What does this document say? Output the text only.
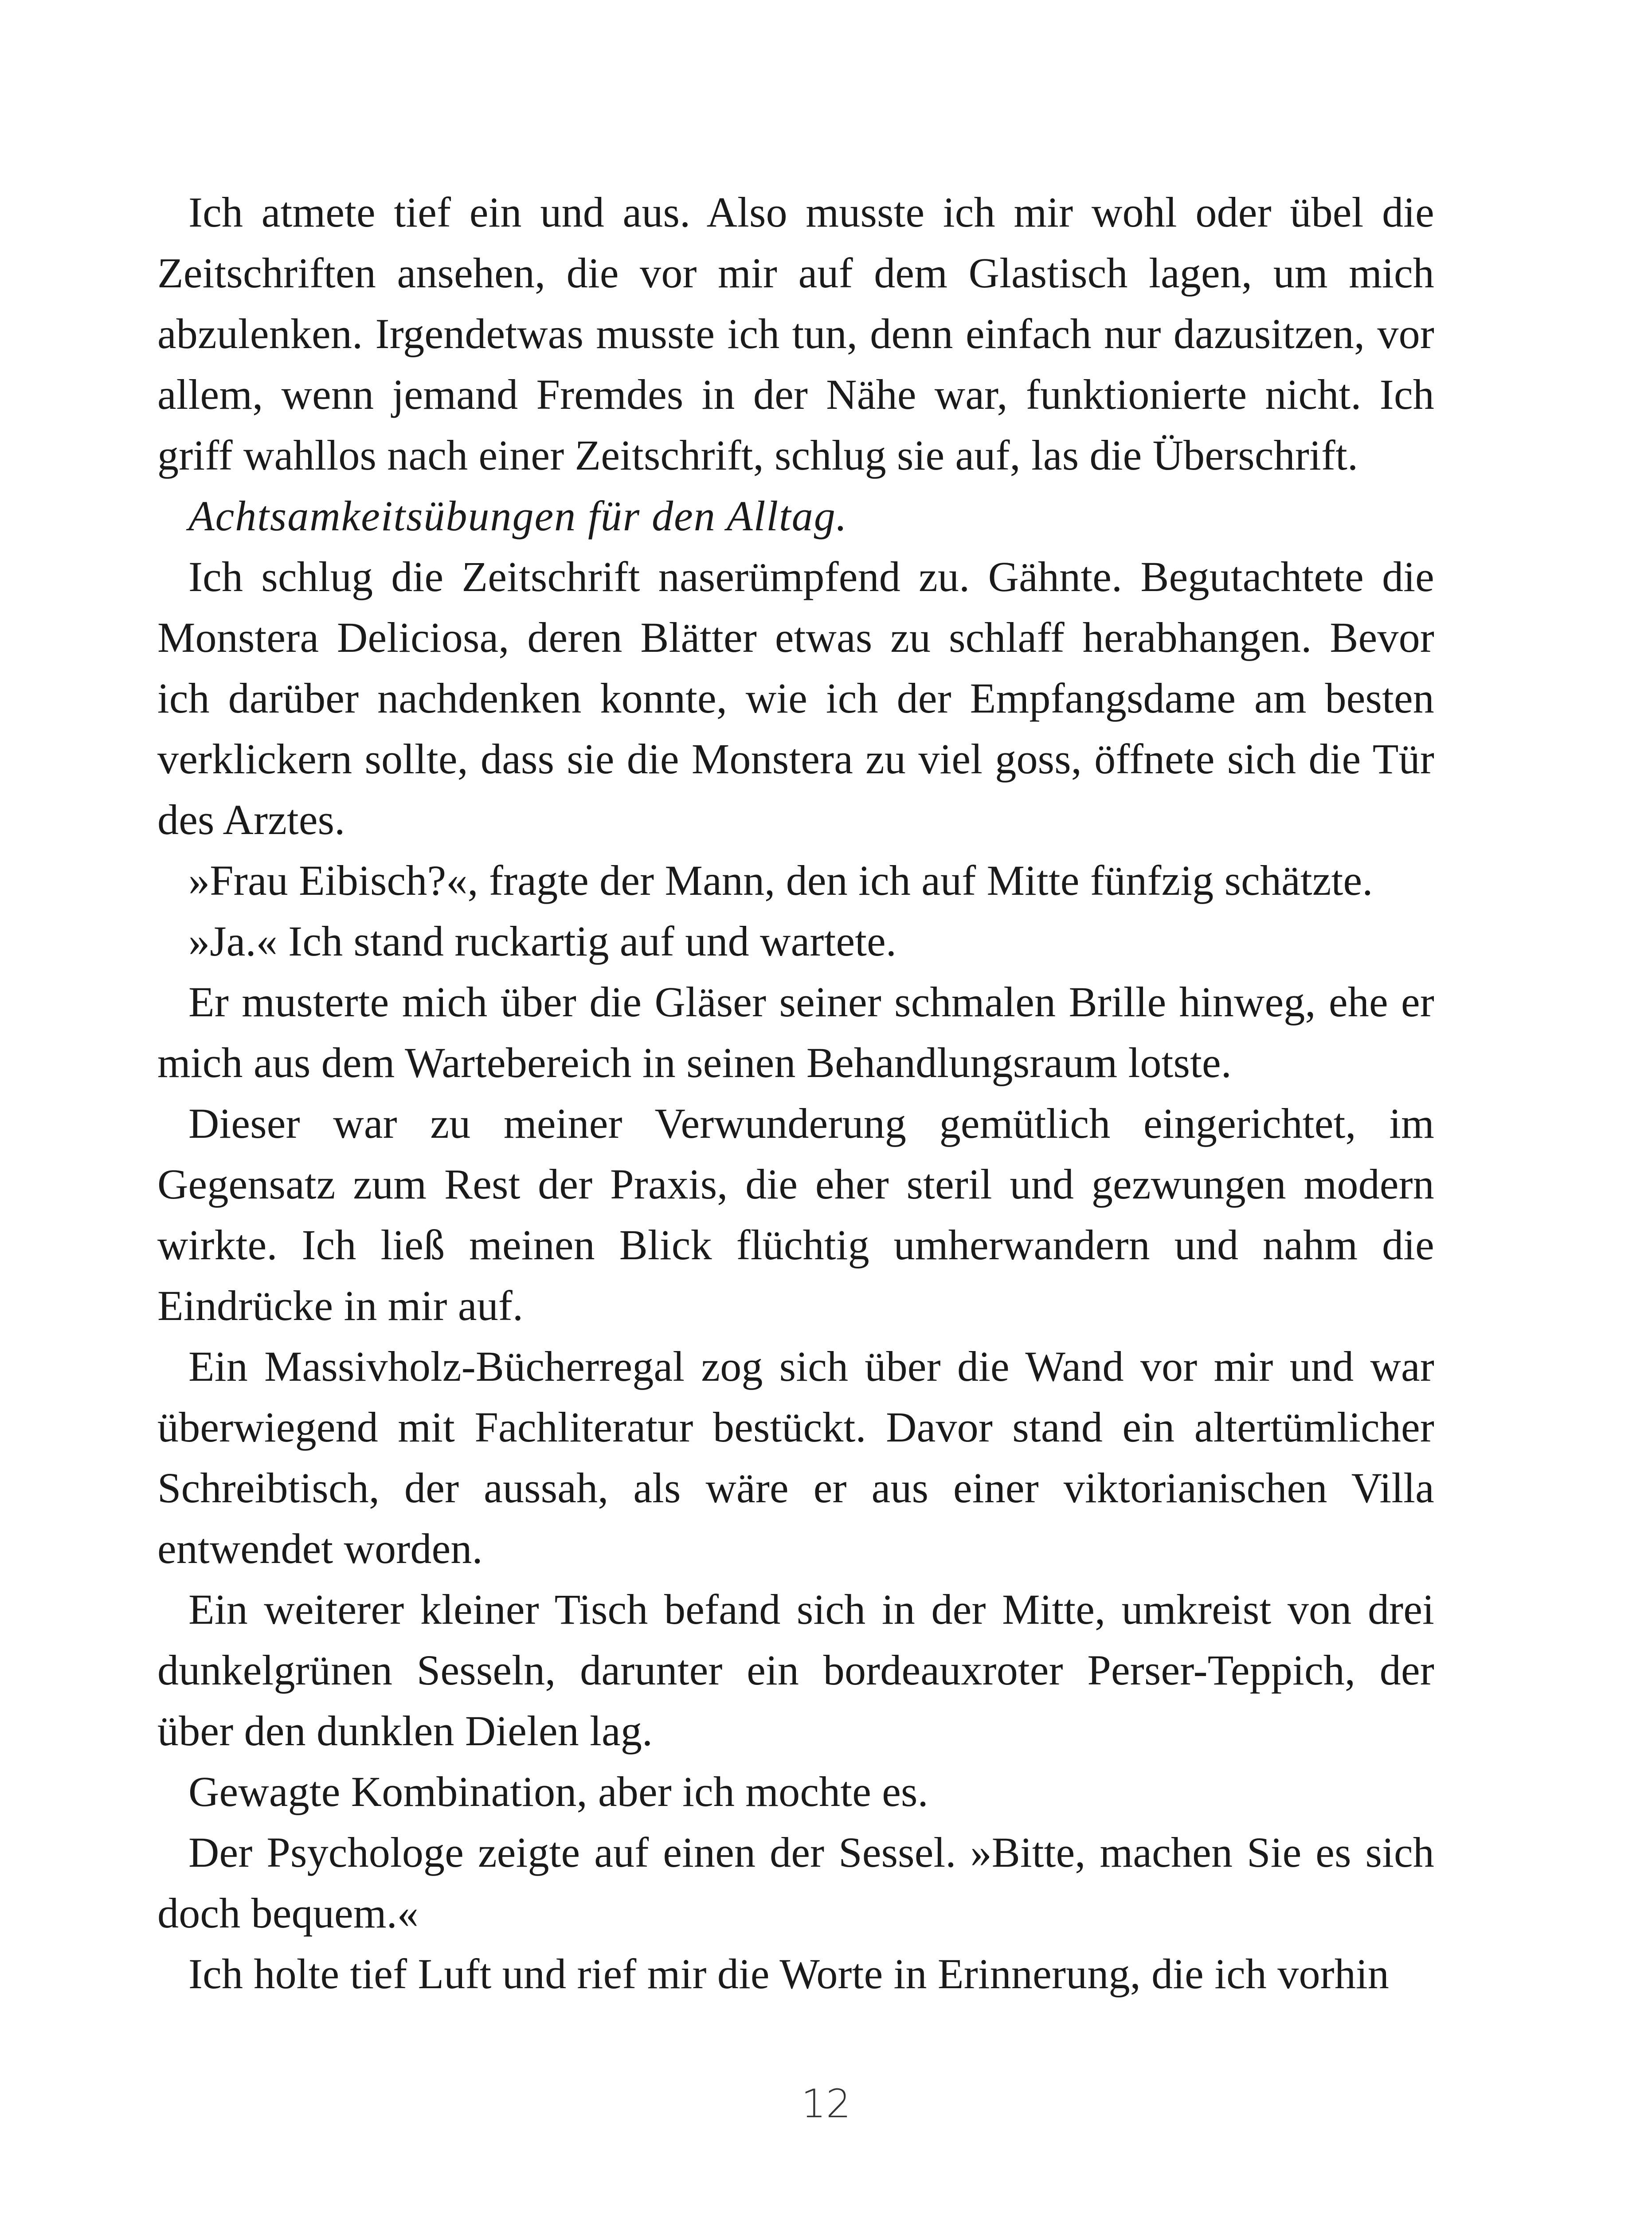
Ich atmete tief ein und aus. Also musste ich mir wohl oder übel die Zeitschriften ansehen, die vor mir auf dem Glastisch lagen, um mich abzulenken. Irgendetwas musste ich tun, denn einfach nur dazusitzen, vor allem, wenn jemand Fremdes in der Nähe war, funktionierte nicht. Ich griff wahllos nach einer Zeitschrift, schlug sie auf, las die Überschrift.

Achtsamkeitsübungen für den Alltag.

Ich schlug die Zeitschrift naserümpfend zu. Gähnte. Begutachtete die Monstera Deliciosa, deren Blätter etwas zu schlaff herabhangen. Bevor ich darüber nachdenken konnte, wie ich der Empfangsdame am besten verklickern sollte, dass sie die Monstera zu viel goss, öffnete sich die Tür des Arztes.

»Frau Eibisch?«, fragte der Mann, den ich auf Mitte fünfzig schätzte.

»Ja.« Ich stand ruckartig auf und wartete.

Er musterte mich über die Gläser seiner schmalen Brille hinweg, ehe er mich aus dem Wartebereich in seinen Behandlungsraum lotste.

Dieser war zu meiner Verwunderung gemütlich eingerichtet, im Gegensatz zum Rest der Praxis, die eher steril und gezwungen modern wirkte. Ich ließ meinen Blick flüchtig umherwandern und nahm die Eindrücke in mir auf.

Ein Massivholz-Bücherregal zog sich über die Wand vor mir und war überwiegend mit Fachliteratur bestückt. Davor stand ein altertümlicher Schreibtisch, der aussah, als wäre er aus einer viktorianischen Villa entwendet worden.

Ein weiterer kleiner Tisch befand sich in der Mitte, umkreist von drei dunkelgrünen Sesseln, darunter ein bordeauxroter Perser-Teppich, der über den dunklen Dielen lag.

Gewagte Kombination, aber ich mochte es.

Der Psychologe zeigte auf einen der Sessel. »Bitte, machen Sie es sich doch bequem.«

Ich holte tief Luft und rief mir die Worte in Erinnerung, die ich vorhin

12
